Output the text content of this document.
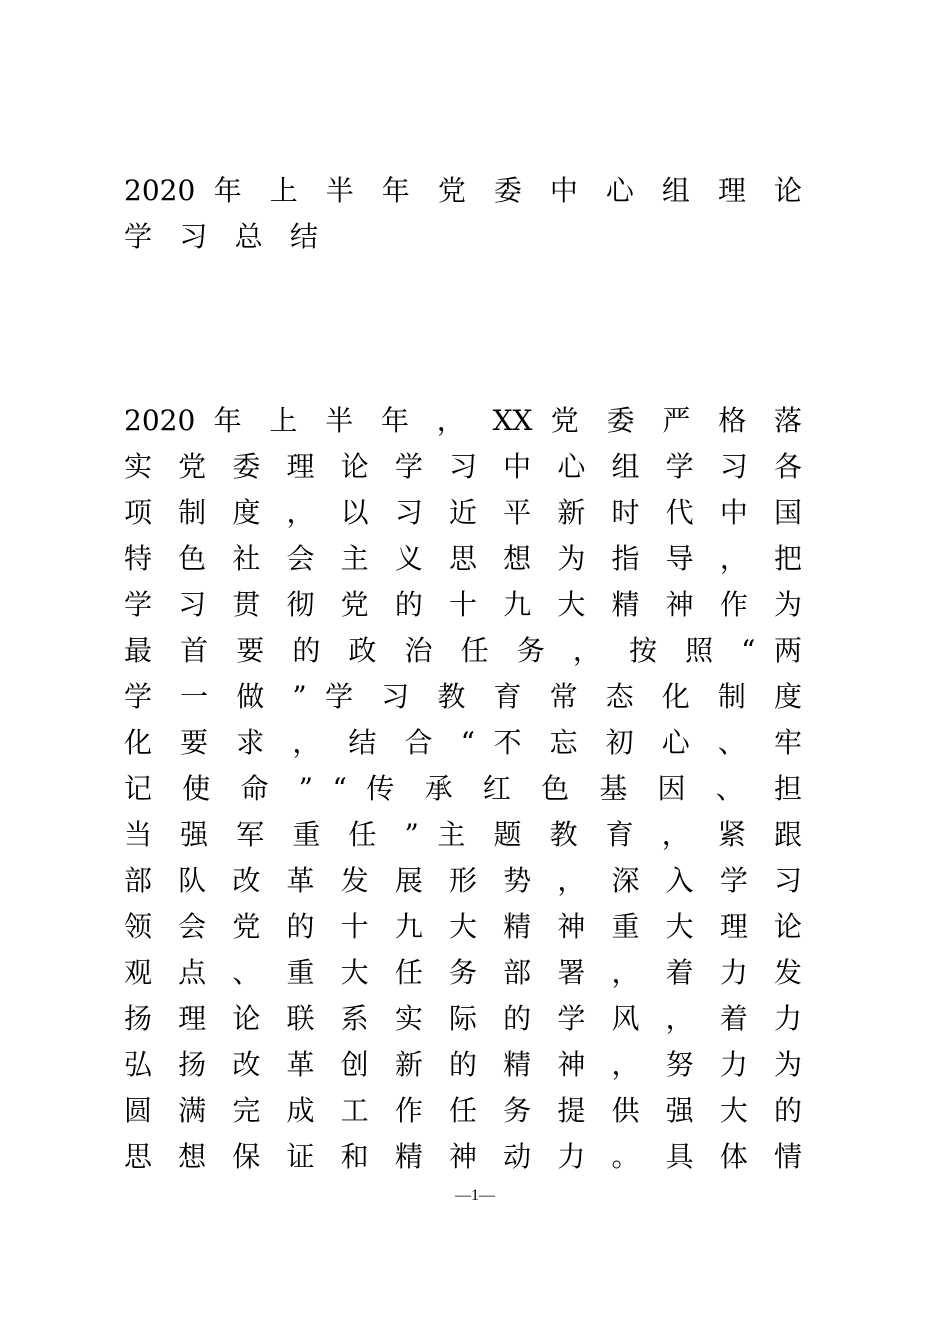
2020 年 上 半 年 党 委 中 心 组 理 论
学 习 总 结
2020 年 上 半 年 ， XX 党 委 严 格 落
实 党 委 理 论 学 习 中 心 组 学 习 各
项 制 度 ， 以 习 近 平 新 时 代 中 国
特 色 社 会 主 义 思 想 为 指 导 ， 把
学 习 贯 彻 党 的 十 九 大 精 神 作 为
最 首 要 的 政 治 任 务 ， 按 照 “ 两
学 一 做 ” 学 习 教 育 常 态 化 制 度
化 要 求 ， 结 合 “ 不 忘 初 心 、 牢
记 使 命 ” “ 传 承 红 色 基 因 、 担
当 强 军 重 任 ” 主 题 教 育 ， 紧 跟
部 队 改 革 发 展 形 势 ， 深 入 学 习
领 会 党 的 十 九 大 精 神 重 大 理 论
观 点 、 重 大 任 务 部 署 ， 着 力 发
扬 理 论 联 系 实 际 的 学 风 ， 着 力
弘 扬 改 革 创 新 的 精 神 ， 努 力 为
圆 满 完 成 工 作 任 务 提 供 强 大 的
思 想 保 证 和 精 神 动 力 。 具 体 情
—1—
